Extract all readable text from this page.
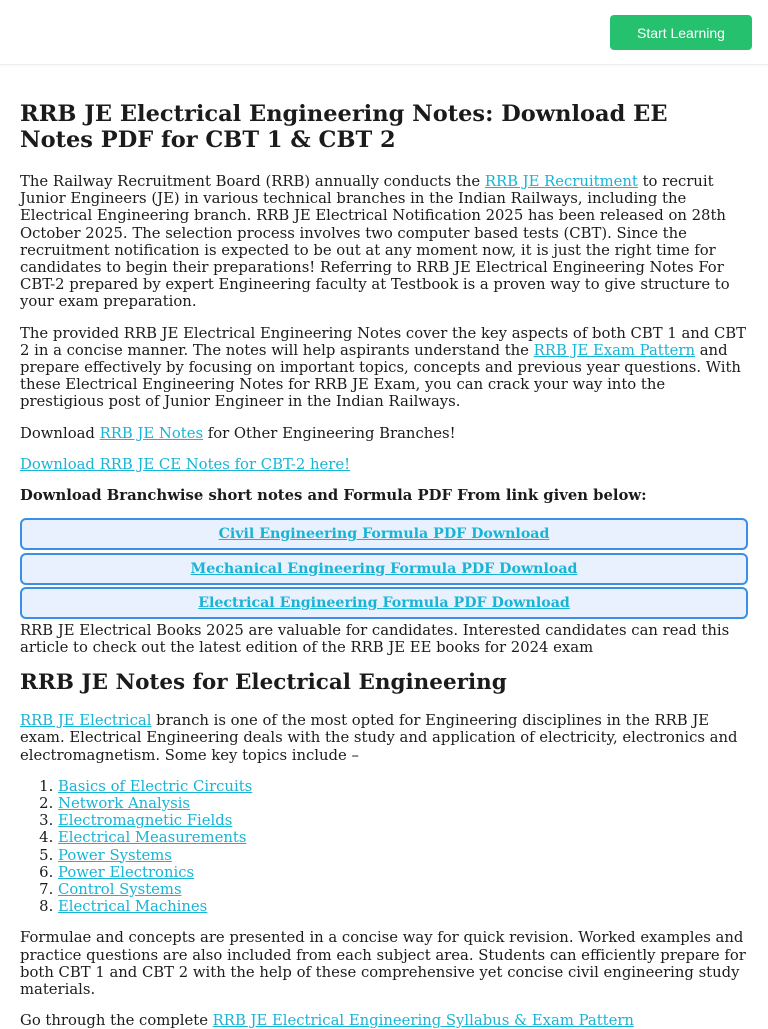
Start Learning
RRB JE Electrical Engineering Notes: Download EE Notes PDF for CBT 1 & CBT 2

The Railway Recruitment Board (RRB) annually conducts the RRB JE Recruitment to recruit Junior Engineers (JE) in various technical branches in the Indian Railways, including the Electrical Engineering branch. RRB JE Electrical Notification 2025 has been released on 28th October 2025. The selection process involves two computer based tests (CBT). Since the recruitment notification is expected to be out at any moment now, it is just the right time for candidates to begin their preparations! Referring to RRB JE Electrical Engineering Notes For CBT-2 prepared by expert Engineering faculty at Testbook is a proven way to give structure to your exam preparation.

The provided RRB JE Electrical Engineering Notes cover the key aspects of both CBT 1 and CBT 2 in a concise manner. The notes will help aspirants understand the RRB JE Exam Pattern and prepare effectively by focusing on important topics, concepts and previous year questions. With these Electrical Engineering Notes for RRB JE Exam, you can crack your way into the prestigious post of Junior Engineer in the Indian Railways.

Download RRB JE Notes for Other Engineering Branches!

Download RRB JE CE Notes for CBT-2 here!

Download Branchwise short notes and Formula PDF From link given below:

Civil Engineering Formula PDF Download
Mechanical Engineering Formula PDF Download
Electrical Engineering Formula PDF Download

RRB JE Electrical Books 2025 are valuable for candidates. Interested candidates can read this article to check out the latest edition of the RRB JE EE books for 2024 exam

RRB JE Notes for Electrical Engineering

RRB JE Electrical branch is one of the most opted for Engineering disciplines in the RRB JE exam. Electrical Engineering deals with the study and application of electricity, electronics and electromagnetism. Some key topics include –

1. Basics of Electric Circuits
2. Network Analysis
3. Electromagnetic Fields
4. Electrical Measurements
5. Power Systems
6. Power Electronics
7. Control Systems
8. Electrical Machines

Formulae and concepts are presented in a concise way for quick revision. Worked examples and practice questions are also included from each subject area. Students can efficiently prepare for both CBT 1 and CBT 2 with the help of these comprehensive yet concise civil engineering study materials.

Go through the complete RRB JE Electrical Engineering Syllabus & Exam Pattern
